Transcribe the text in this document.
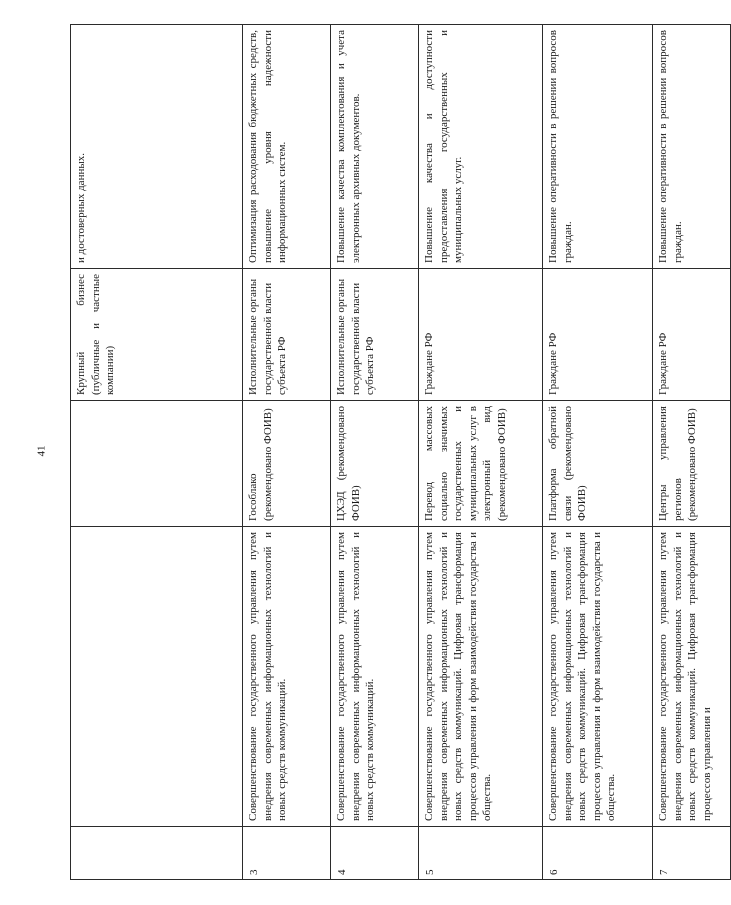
41
			Крупный бизнес (публичные и частные компании)	и достоверных данных.
3	Совершенствование государственного управления путем внедрения современных информационных технологий и новых средств коммуникаций.	Гособлако (рекомендовано ФОИВ)	Исполнительные органы государственной власти субъекта РФ	Оптимизация расходования бюджетных средств, повышение уровня надежности информационных систем.
4	Совершенствование государственного управления путем внедрения современных информационных технологий и новых средств коммуникаций.	ЦХЭД (рекомендовано ФОИВ)	Исполнительные органы государственной власти субъекта РФ	Повышение качества комплектования и учета электронных архивных документов.
5	Совершенствование государственного управления путем внедрения современных информационных технологий и новых средств коммуникаций. Цифровая трансформация процессов управления и форм взаимодействия государства и общества.	Перевод массовых социально значимых государственных и муниципальных услуг в электронный вид (рекомендовано ФОИВ)	Граждане РФ	Повышение качества и доступности предоставления государственных и муниципальных услуг.
6	Совершенствование государственного управления путем внедрения современных информационных технологий и новых средств коммуникаций. Цифровая трансформация процессов управления и форм взаимодействия государства и общества.	Платформа обратной связи (рекомендовано ФОИВ)	Граждане РФ	Повышение оперативности в решении вопросов граждан.
7	Совершенствование государственного управления путем внедрения современных информационных технологий и новых средств коммуникаций. Цифровая трансформация процессов управления и	Центры управления регионов (рекомендовано ФОИВ)	Граждане РФ	Повышение оперативности в решении вопросов граждан.
